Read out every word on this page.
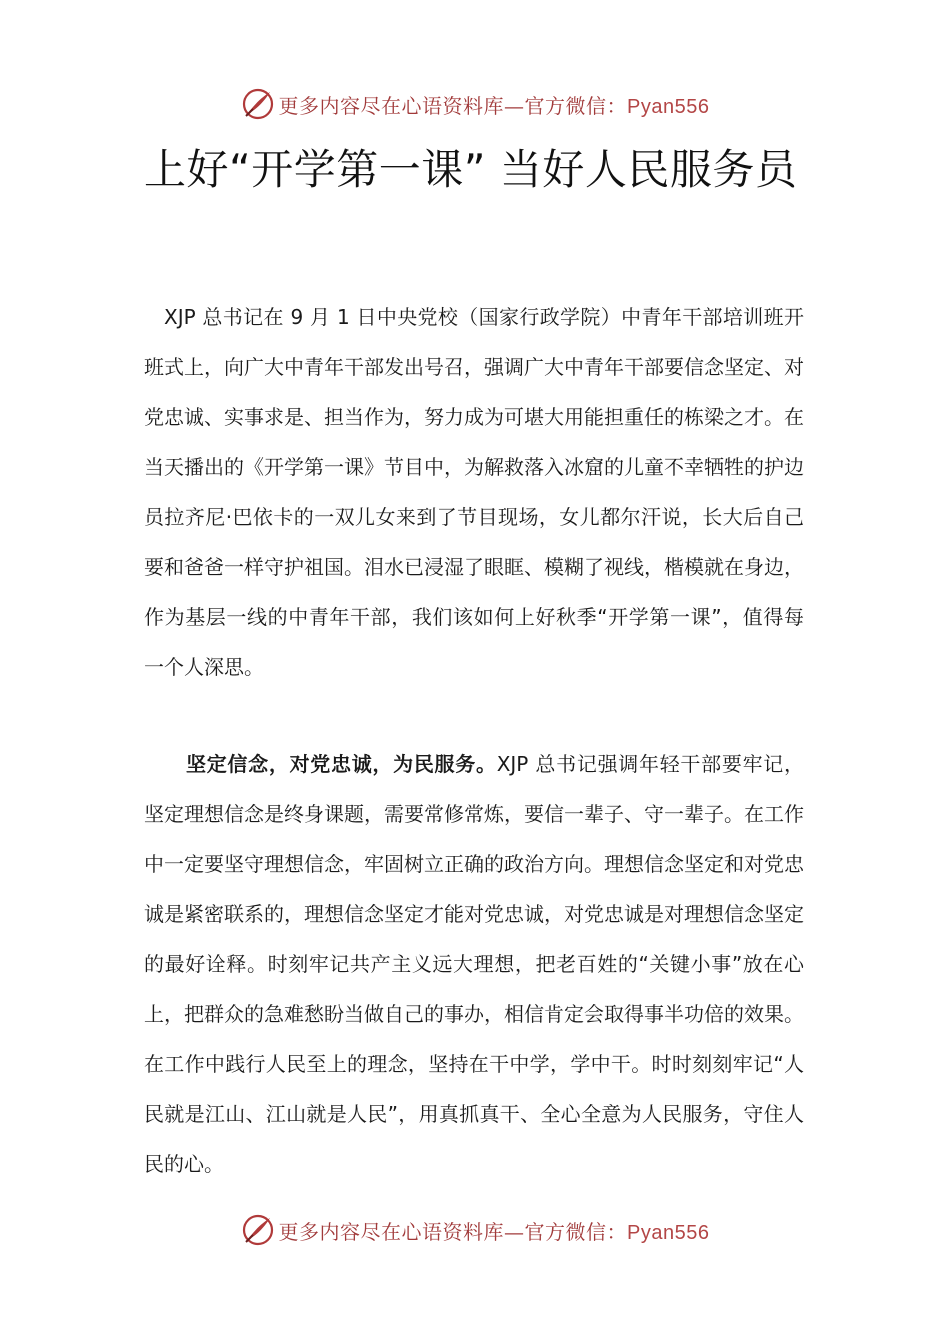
更多内容尽在心语资料库—官方微信：Pyan556
上好“开学第一课” 当好人民服务员

XJP 总书记在 9 月 1 日中央党校（国家行政学院）中青年干部培训班开班式上，向广大中青年干部发出号召，强调广大中青年干部要信念坚定、对党忠诚、实事求是、担当作为，努力成为可堪大用能担重任的栋梁之才。在当天播出的《开学第一课》节目中，为解救落入冰窟的儿童不幸牺牲的护边员拉齐尼·巴依卡的一双儿女来到了节目现场，女儿都尔汗说，长大后自己要和爸爸一样守护祖国。泪水已浸湿了眼眶、模糊了视线，楷模就在身边，作为基层一线的中青年干部，我们该如何上好秋季“开学第一课”，值得每一个人深思。

坚定信念，对党忠诚，为民服务。XJP 总书记强调年轻干部要牢记，坚定理想信念是终身课题，需要常修常炼，要信一辈子、守一辈子。在工作中一定要坚守理想信念，牢固树立正确的政治方向。理想信念坚定和对党忠诚是紧密联系的，理想信念坚定才能对党忠诚，对党忠诚是对理想信念坚定的最好诠释。时刻牢记共产主义远大理想，把老百姓的“关键小事”放在心上，把群众的急难愁盼当做自己的事办，相信肯定会取得事半功倍的效果。在工作中践行人民至上的理念，坚持在干中学，学中干。时时刻刻牢记“人民就是江山、江山就是人民”，用真抓真干、全心全意为人民服务，守住人民的心。

更多内容尽在心语资料库—官方微信：Pyan556
